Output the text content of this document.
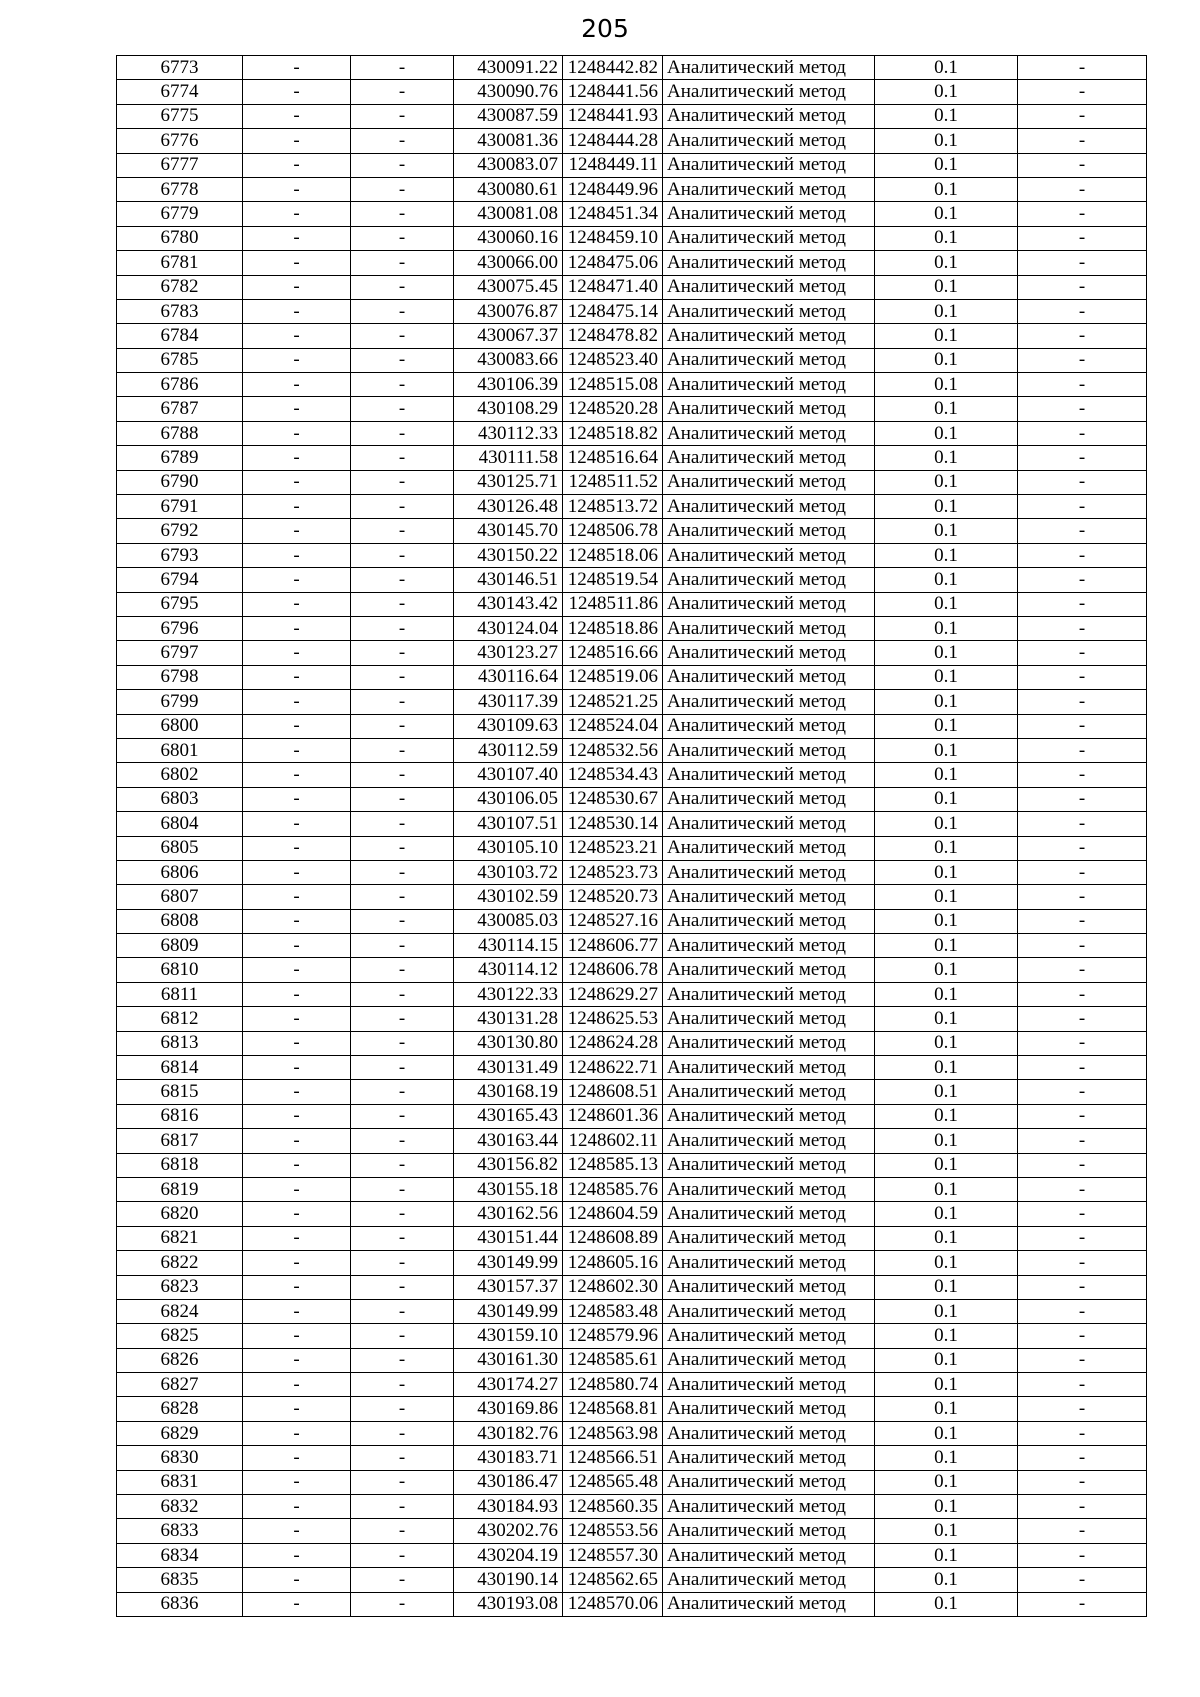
205
6773	-	-	430091.22	1248442.82	Аналитический метод	0.1	-
6774	-	-	430090.76	1248441.56	Аналитический метод	0.1	-
6775	-	-	430087.59	1248441.93	Аналитический метод	0.1	-
6776	-	-	430081.36	1248444.28	Аналитический метод	0.1	-
6777	-	-	430083.07	1248449.11	Аналитический метод	0.1	-
6778	-	-	430080.61	1248449.96	Аналитический метод	0.1	-
6779	-	-	430081.08	1248451.34	Аналитический метод	0.1	-
6780	-	-	430060.16	1248459.10	Аналитический метод	0.1	-
6781	-	-	430066.00	1248475.06	Аналитический метод	0.1	-
6782	-	-	430075.45	1248471.40	Аналитический метод	0.1	-
6783	-	-	430076.87	1248475.14	Аналитический метод	0.1	-
6784	-	-	430067.37	1248478.82	Аналитический метод	0.1	-
6785	-	-	430083.66	1248523.40	Аналитический метод	0.1	-
6786	-	-	430106.39	1248515.08	Аналитический метод	0.1	-
6787	-	-	430108.29	1248520.28	Аналитический метод	0.1	-
6788	-	-	430112.33	1248518.82	Аналитический метод	0.1	-
6789	-	-	430111.58	1248516.64	Аналитический метод	0.1	-
6790	-	-	430125.71	1248511.52	Аналитический метод	0.1	-
6791	-	-	430126.48	1248513.72	Аналитический метод	0.1	-
6792	-	-	430145.70	1248506.78	Аналитический метод	0.1	-
6793	-	-	430150.22	1248518.06	Аналитический метод	0.1	-
6794	-	-	430146.51	1248519.54	Аналитический метод	0.1	-
6795	-	-	430143.42	1248511.86	Аналитический метод	0.1	-
6796	-	-	430124.04	1248518.86	Аналитический метод	0.1	-
6797	-	-	430123.27	1248516.66	Аналитический метод	0.1	-
6798	-	-	430116.64	1248519.06	Аналитический метод	0.1	-
6799	-	-	430117.39	1248521.25	Аналитический метод	0.1	-
6800	-	-	430109.63	1248524.04	Аналитический метод	0.1	-
6801	-	-	430112.59	1248532.56	Аналитический метод	0.1	-
6802	-	-	430107.40	1248534.43	Аналитический метод	0.1	-
6803	-	-	430106.05	1248530.67	Аналитический метод	0.1	-
6804	-	-	430107.51	1248530.14	Аналитический метод	0.1	-
6805	-	-	430105.10	1248523.21	Аналитический метод	0.1	-
6806	-	-	430103.72	1248523.73	Аналитический метод	0.1	-
6807	-	-	430102.59	1248520.73	Аналитический метод	0.1	-
6808	-	-	430085.03	1248527.16	Аналитический метод	0.1	-
6809	-	-	430114.15	1248606.77	Аналитический метод	0.1	-
6810	-	-	430114.12	1248606.78	Аналитический метод	0.1	-
6811	-	-	430122.33	1248629.27	Аналитический метод	0.1	-
6812	-	-	430131.28	1248625.53	Аналитический метод	0.1	-
6813	-	-	430130.80	1248624.28	Аналитический метод	0.1	-
6814	-	-	430131.49	1248622.71	Аналитический метод	0.1	-
6815	-	-	430168.19	1248608.51	Аналитический метод	0.1	-
6816	-	-	430165.43	1248601.36	Аналитический метод	0.1	-
6817	-	-	430163.44	1248602.11	Аналитический метод	0.1	-
6818	-	-	430156.82	1248585.13	Аналитический метод	0.1	-
6819	-	-	430155.18	1248585.76	Аналитический метод	0.1	-
6820	-	-	430162.56	1248604.59	Аналитический метод	0.1	-
6821	-	-	430151.44	1248608.89	Аналитический метод	0.1	-
6822	-	-	430149.99	1248605.16	Аналитический метод	0.1	-
6823	-	-	430157.37	1248602.30	Аналитический метод	0.1	-
6824	-	-	430149.99	1248583.48	Аналитический метод	0.1	-
6825	-	-	430159.10	1248579.96	Аналитический метод	0.1	-
6826	-	-	430161.30	1248585.61	Аналитический метод	0.1	-
6827	-	-	430174.27	1248580.74	Аналитический метод	0.1	-
6828	-	-	430169.86	1248568.81	Аналитический метод	0.1	-
6829	-	-	430182.76	1248563.98	Аналитический метод	0.1	-
6830	-	-	430183.71	1248566.51	Аналитический метод	0.1	-
6831	-	-	430186.47	1248565.48	Аналитический метод	0.1	-
6832	-	-	430184.93	1248560.35	Аналитический метод	0.1	-
6833	-	-	430202.76	1248553.56	Аналитический метод	0.1	-
6834	-	-	430204.19	1248557.30	Аналитический метод	0.1	-
6835	-	-	430190.14	1248562.65	Аналитический метод	0.1	-
6836	-	-	430193.08	1248570.06	Аналитический метод	0.1	-
